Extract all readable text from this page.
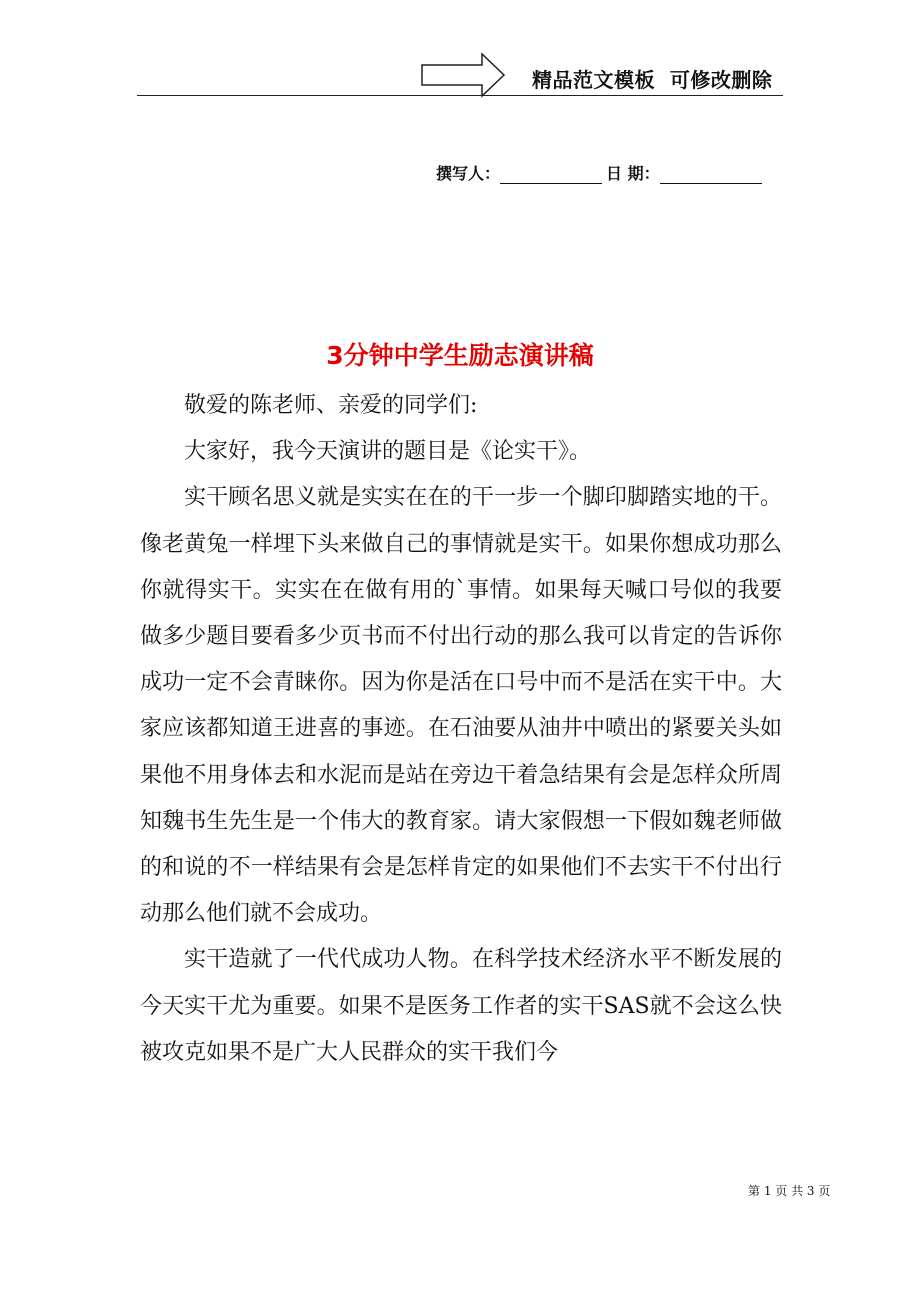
精品范文模板  可修改删除
撰写人：	日 期：
3分钟中学生励志演讲稿

敬爱的陈老师、亲爱的同学们:

大家好，我今天演讲的题目是《论实干》。

实干顾名思义就是实实在在的干一步一个脚印脚踏实地的干。像老黄兔一样埋下头来做自己的事情就是实干。如果你想成功那么你就得实干。实实在在做有用的`事情。如果每天喊口号似的我要做多少题目要看多少页书而不付出行动的那么我可以肯定的告诉你成功一定不会青睐你。因为你是活在口号中而不是活在实干中。大家应该都知道王进喜的事迹。在石油要从油井中喷出的紧要关头如果他不用身体去和水泥而是站在旁边干着急结果有会是怎样众所周知魏书生先生是一个伟大的教育家。请大家假想一下假如魏老师做的和说的不一样结果有会是怎样肯定的如果他们不去实干不付出行动那么他们就不会成功。

实干造就了一代代成功人物。在科学技术经济水平不断发展的今天实干尤为重要。如果不是医务工作者的实干SAS就不会这么快被攻克如果不是广大人民群众的实干我们今

第 1 页 共 3 页
